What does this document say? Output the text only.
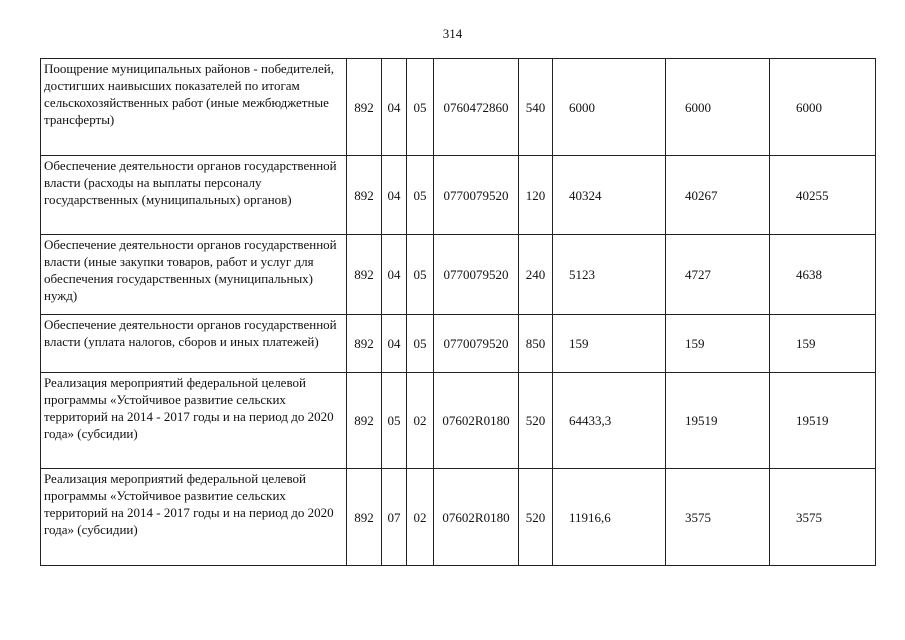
314
Поощрение муниципальных районов - победителей, достигших наивысших показателей по итогам сельскохозяйственных работ (иные межбюджетные трансферты)	892	04	05	0760472860	540	6000	6000	6000

Обеспечение деятельности органов государственной власти (расходы на выплаты персоналу государственных (муниципальных) органов)	892	04	05	0770079520	120	40324	40267	40255

Обеспечение деятельности органов государственной власти (иные закупки товаров, работ и услуг для обеспечения государственных (муниципальных) нужд)	892	04	05	0770079520	240	5123	4727	4638

Обеспечение деятельности органов государственной власти (уплата налогов, сборов и иных платежей)	892	04	05	0770079520	850	159	159	159

Реализация мероприятий федеральной целевой программы «Устойчивое развитие сельских территорий на 2014 - 2017 годы и на период до 2020 года» (субсидии)	892	05	02	07602R0180	520	64433,3	19519	19519

Реализация мероприятий федеральной целевой программы «Устойчивое развитие сельских территорий на 2014 - 2017 годы и на период до 2020 года» (субсидии)	892	07	02	07602R0180	520	11916,6	3575	3575
